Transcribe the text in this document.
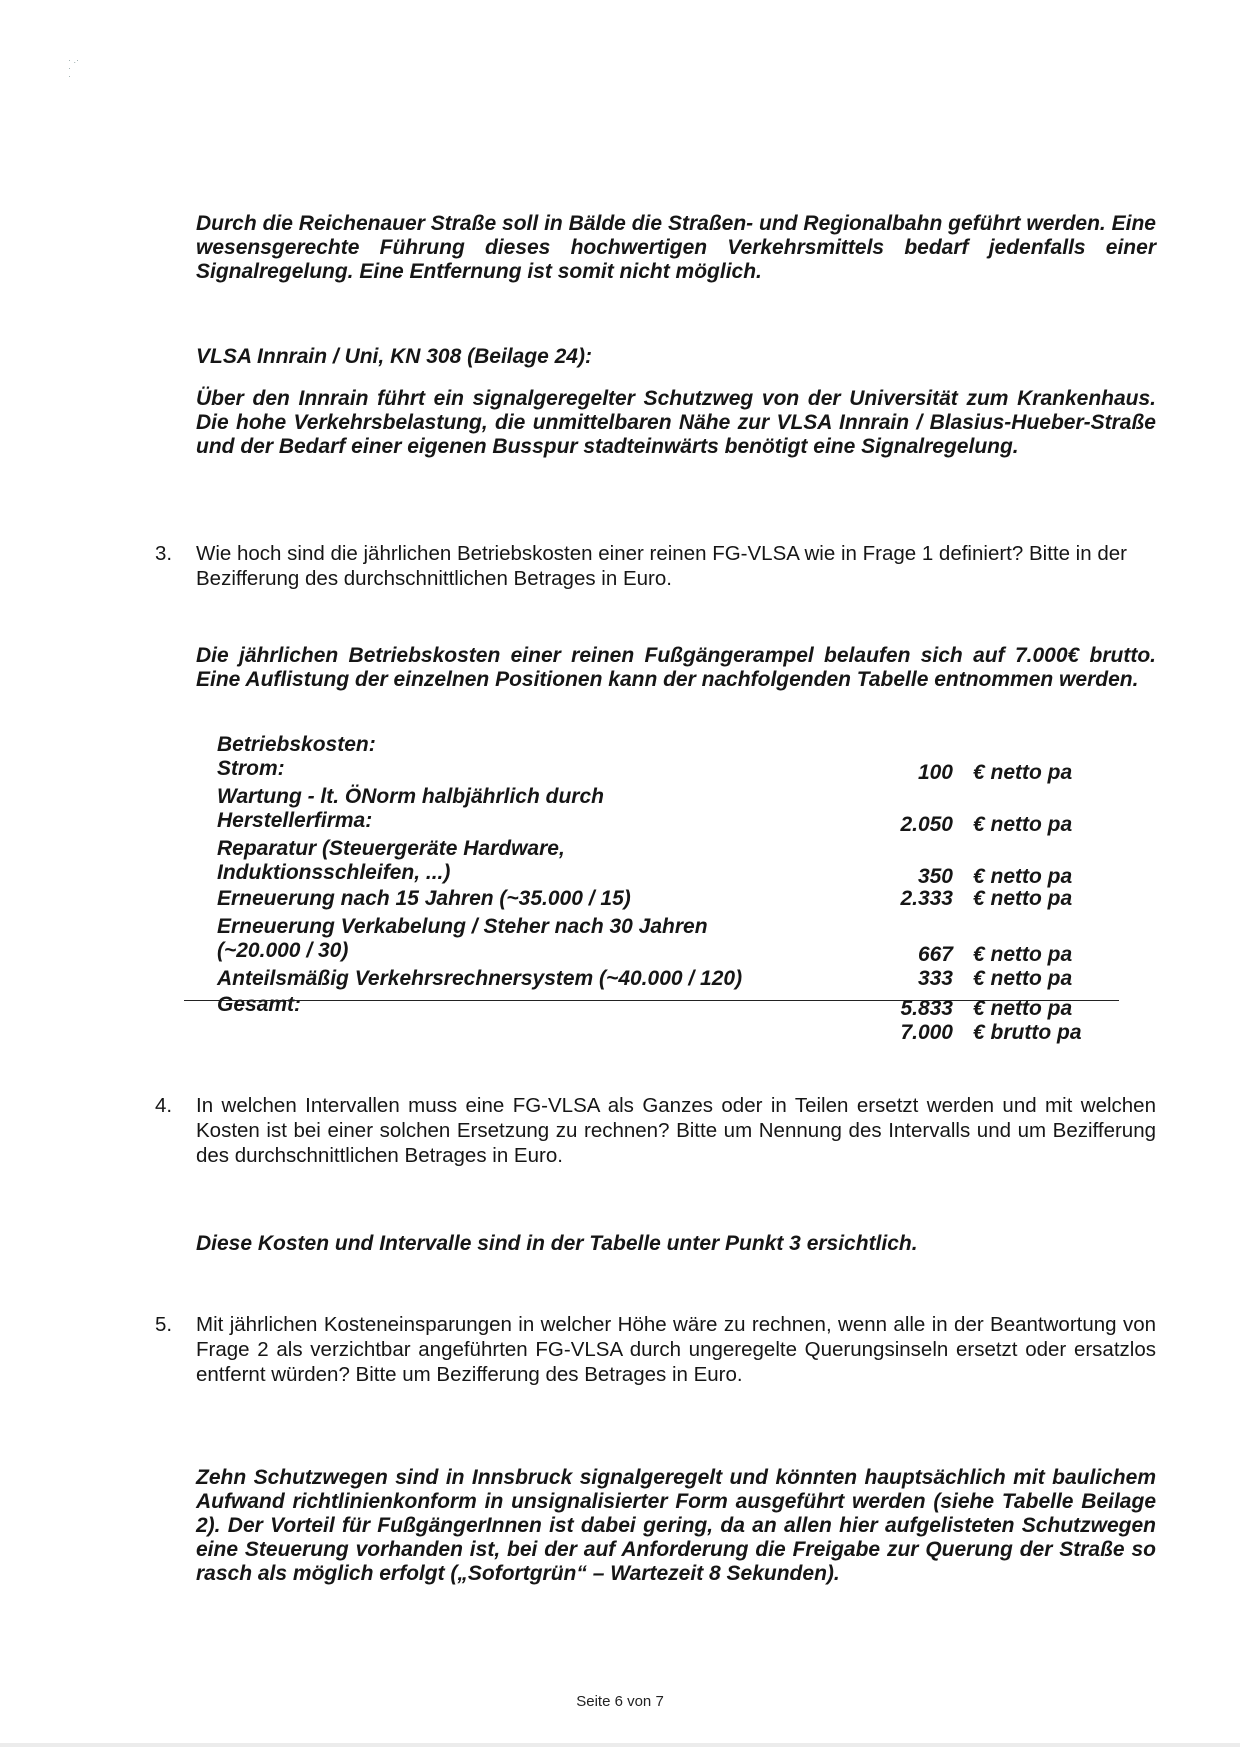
· .·
·
·
Durch die Reichenauer Straße soll in Bälde die Straßen- und Regionalbahn geführt werden. Eine wesensgerechte Führung dieses hochwertigen Verkehrsmittels bedarf jedenfalls einer Signalregelung. Eine Entfernung ist somit nicht möglich.
VLSA Innrain / Uni, KN 308 (Beilage 24):
Über den Innrain führt ein signalgeregelter Schutzweg von der Universität zum Krankenhaus. Die hohe Verkehrsbelastung, die unmittelbaren Nähe zur VLSA Innrain / Blasius-Hueber-Straße und der Bedarf einer eigenen Busspur stadteinwärts benötigt eine Signalregelung.
3. Wie hoch sind die jährlichen Betriebskosten einer reinen FG-VLSA wie in Frage 1 definiert? Bitte in der Bezifferung des durchschnittlichen Betrages in Euro.
Die jährlichen Betriebskosten einer reinen Fußgängerampel belaufen sich auf 7.000€ brutto. Eine Auflistung der einzelnen Positionen kann der nachfolgenden Tabelle entnommen werden.
Betriebskosten:
Strom:	100 € netto pa
Wartung - lt. ÖNorm halbjährlich durch
Herstellerfirma:	2.050 € netto pa
Reparatur (Steuergeräte Hardware,
Induktionsschleifen, ...)	350 € netto pa
Erneuerung nach 15 Jahren (~35.000 / 15)	2.333 € netto pa
Erneuerung Verkabelung / Steher nach 30 Jahren
(~20.000 / 30)	667 € netto pa
Anteilsmäßig Verkehrsrechnersystem (~40.000 / 120)	333 € netto pa
Gesamt:	5.833 € netto pa
7.000 € brutto pa
4. In welchen Intervallen muss eine FG-VLSA als Ganzes oder in Teilen ersetzt werden und mit welchen Kosten ist bei einer solchen Ersetzung zu rechnen? Bitte um Nennung des Intervalls und um Bezifferung des durchschnittlichen Betrages in Euro.
Diese Kosten und Intervalle sind in der Tabelle unter Punkt 3 ersichtlich.
5. Mit jährlichen Kosteneinsparungen in welcher Höhe wäre zu rechnen, wenn alle in der Beantwortung von Frage 2 als verzichtbar angeführten FG-VLSA durch ungeregelte Querungsinseln ersetzt oder ersatzlos entfernt würden? Bitte um Bezifferung des Betrages in Euro.
Zehn Schutzwegen sind in Innsbruck signalgeregelt und könnten hauptsächlich mit baulichem Aufwand richtlinienkonform in unsignalisierter Form ausgeführt werden (siehe Tabelle Beilage 2). Der Vorteil für FußgängerInnen ist dabei gering, da an allen hier aufgelisteten Schutzwegen eine Steuerung vorhanden ist, bei der auf Anforderung die Freigabe zur Querung der Straße so rasch als möglich erfolgt („Sofortgrün“ – Wartezeit 8 Sekunden).
Seite 6 von 7
